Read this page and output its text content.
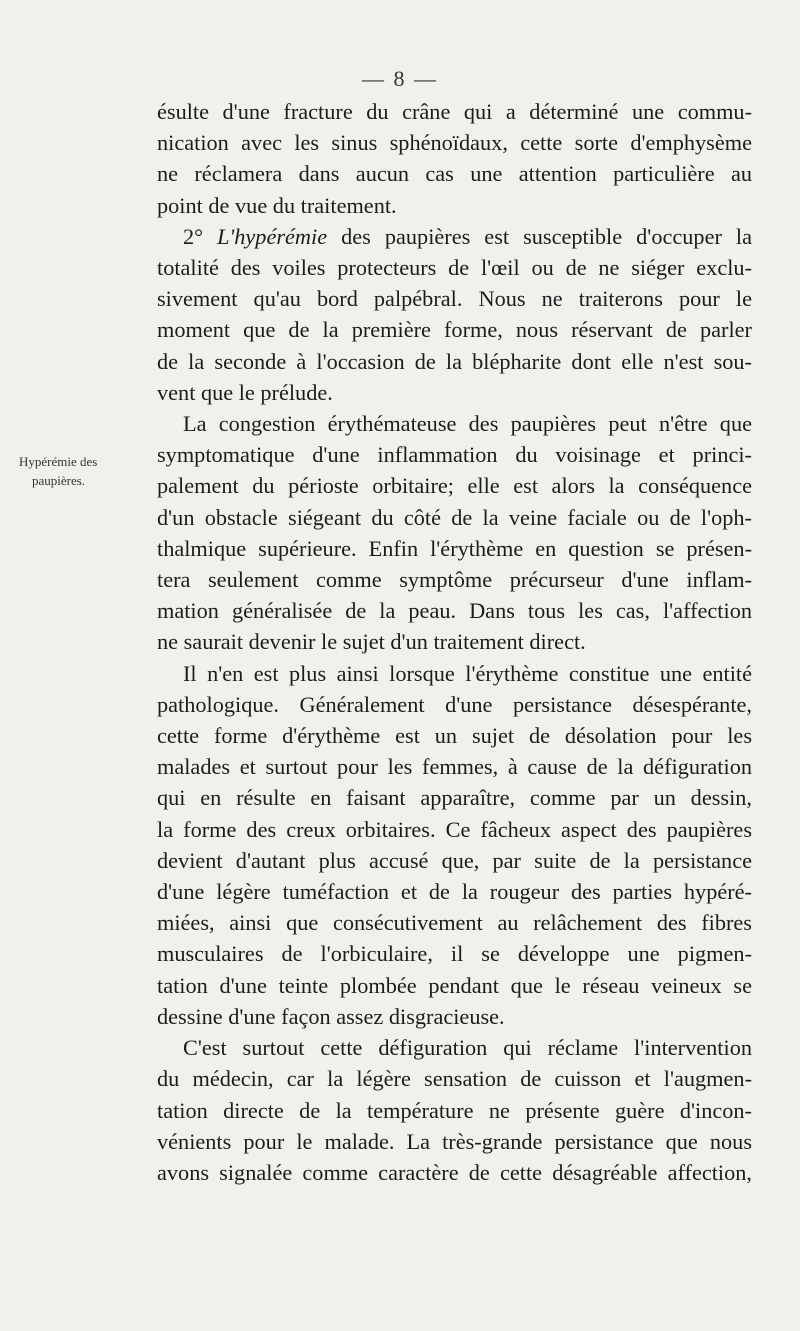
— 8 —
Hypérémie des
paupières.
ésulte d'une fracture du crâne qui a déterminé une commu-
nication avec les sinus sphénoïdaux, cette sorte d'emphysème
ne réclamera dans aucun cas une attention particulière au
point de vue du traitement.
2° L'hypérémie des paupières est susceptible d'occuper la
totalité des voiles protecteurs de l'œil ou de ne siéger exclu-
sivement qu'au bord palpébral. Nous ne traiterons pour le
moment que de la première forme, nous réservant de parler
de la seconde à l'occasion de la blépharite dont elle n'est sou-
vent que le prélude.
La congestion érythémateuse des paupières peut n'être que
symptomatique d'une inflammation du voisinage et princi-
palement du périoste orbitaire; elle est alors la conséquence
d'un obstacle siégeant du côté de la veine faciale ou de l'oph-
thalmique supérieure. Enfin l'érythème en question se présen-
tera seulement comme symptôme précurseur d'une inflam-
mation généralisée de la peau. Dans tous les cas, l'affection
ne saurait devenir le sujet d'un traitement direct.
Il n'en est plus ainsi lorsque l'érythème constitue une entité
pathologique. Généralement d'une persistance désespérante,
cette forme d'érythème est un sujet de désolation pour les
malades et surtout pour les femmes, à cause de la défiguration
qui en résulte en faisant apparaître, comme par un dessin,
la forme des creux orbitaires. Ce fâcheux aspect des paupières
devient d'autant plus accusé que, par suite de la persistance
d'une légère tuméfaction et de la rougeur des parties hypéré-
miées, ainsi que consécutivement au relâchement des fibres
musculaires de l'orbiculaire, il se développe une pigmen-
tation d'une teinte plombée pendant que le réseau veineux se
dessine d'une façon assez disgracieuse.
C'est surtout cette défiguration qui réclame l'intervention
du médecin, car la légère sensation de cuisson et l'augmen-
tation directe de la température ne présente guère d'incon-
vénients pour le malade. La très-grande persistance que nous
avons signalée comme caractère de cette désagréable affection,
